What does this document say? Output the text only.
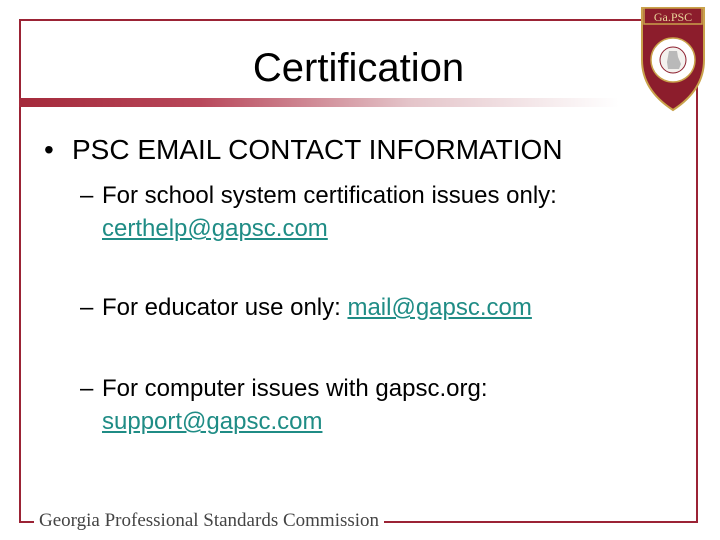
Certification
Ga.PSC
• PSC EMAIL CONTACT INFORMATION
– For school system certification issues only: certhelp@gapsc.com
– For educator use only: mail@gapsc.com
– For computer issues with gapsc.org: support@gapsc.com
Georgia Professional Standards Commission
